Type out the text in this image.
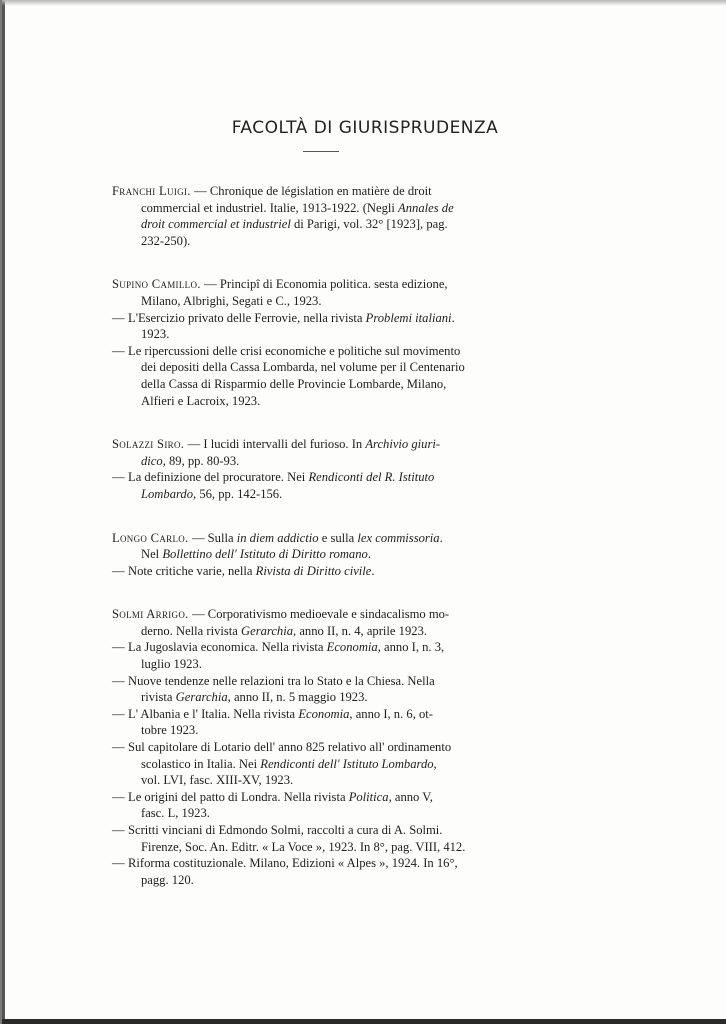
FACOLTÀ DI GIURISPRUDENZA
Franchi Luigi. — Chronique de législation en matière de droit
commercial et industriel. Italie, 1913-1922. (Negli Annales de
droit commercial et industriel di Parigi, vol. 32° [1923], pag.
232-250).
Supino Camillo. — Principî di Economia politica. sesta edizione,
Milano, Albrighi, Segati e C., 1923.
— L'Esercizio privato delle Ferrovie, nella rivista Problemi italiani.
1923.
— Le ripercussioni delle crisi economiche e politiche sul movimento
dei depositi della Cassa Lombarda, nel volume per il Centenario
della Cassa di Risparmio delle Provincie Lombarde, Milano,
Alfieri e Lacroix, 1923.
Solazzi Siro. — I lucidi intervalli del furioso. In Archivio giuri-
dico, 89, pp. 80-93.
— La definizione del procuratore. Nei Rendiconti del R. Istituto
Lombardo, 56, pp. 142-156.
Longo Carlo. — Sulla in diem addictio e sulla lex commissoria.
Nel Bollettino dell' Istituto di Diritto romano.
— Note critiche varie, nella Rivista di Diritto civile.
Solmi Arrigo. — Corporativismo medioevale e sindacalismo mo-
derno. Nella rivista Gerarchia, anno II, n. 4, aprile 1923.
— La Jugoslavia economica. Nella rivista Economia, anno I, n. 3,
luglio 1923.
— Nuove tendenze nelle relazioni tra lo Stato e la Chiesa. Nella
rivista Gerarchia, anno II, n. 5 maggio 1923.
— L' Albania e l' Italia. Nella rivista Economia, anno I, n. 6, ot-
tobre 1923.
— Sul capitolare di Lotario dell' anno 825 relativo all' ordinamento
scolastico in Italia. Nei Rendiconti dell' Istituto Lombardo,
vol. LVI, fasc. XIII-XV, 1923.
— Le origini del patto di Londra. Nella rivista Politica, anno V,
fasc. L, 1923.
— Scritti vinciani di Edmondo Solmi, raccolti a cura di A. Solmi.
Firenze, Soc. An. Editr. « La Voce », 1923. In 8°, pag. VIII, 412.
— Riforma costituzionale. Milano, Edizioni « Alpes », 1924. In 16°,
pagg. 120.
